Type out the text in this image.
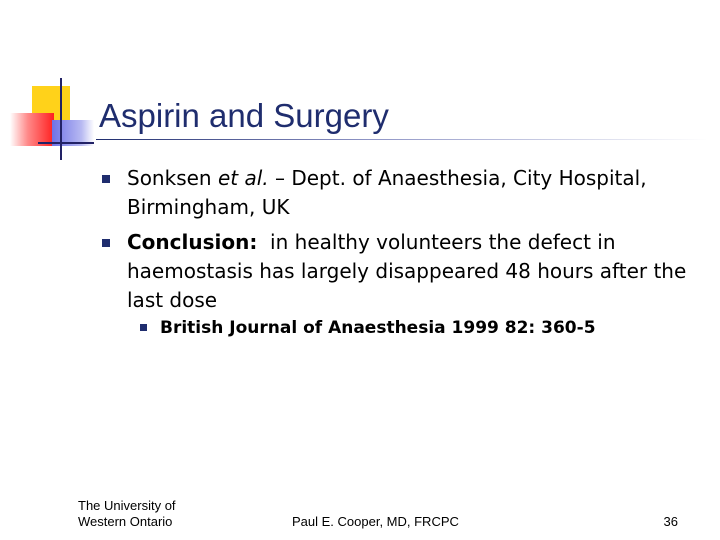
Aspirin and Surgery
Sonksen et al. – Dept. of Anaesthesia, City Hospital, Birmingham, UK
Conclusion:  in healthy volunteers the defect in haemostasis has largely disappeared 48 hours after the last dose
British Journal of Anaesthesia 1999 82: 360-5
The University of
Western Ontario	Paul E. Cooper, MD, FRCPC	36
